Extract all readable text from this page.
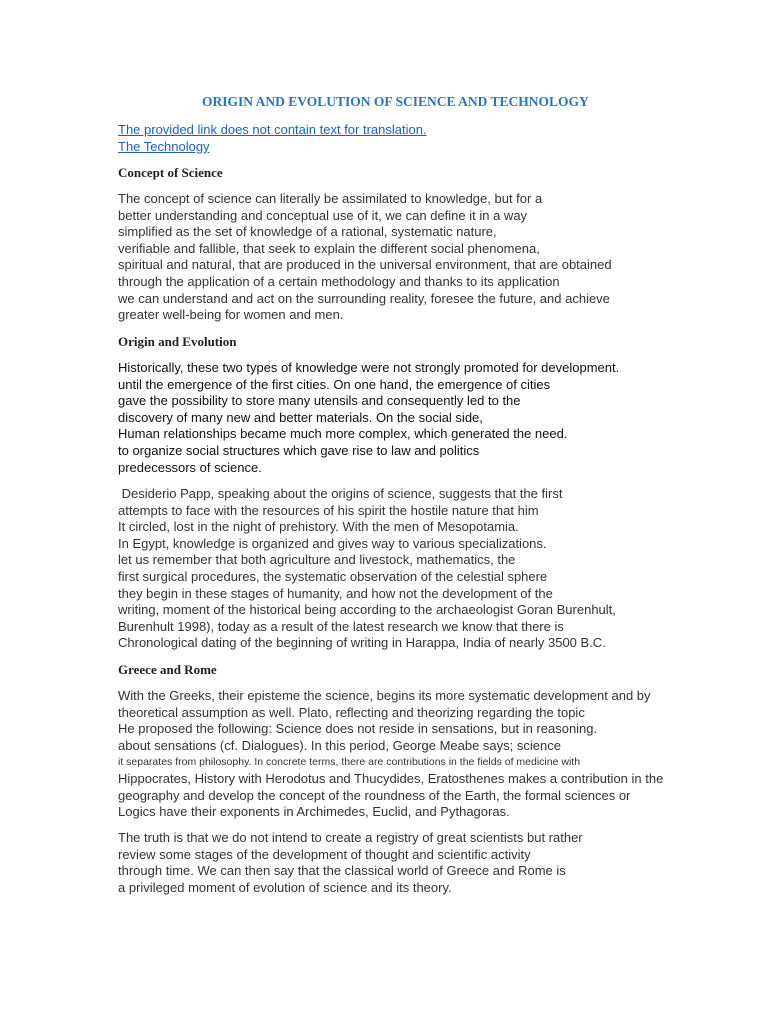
ORIGIN AND EVOLUTION OF SCIENCE AND TECHNOLOGY
The provided link does not contain text for translation.
The Technology
Concept of Science

The concept of science can literally be assimilated to knowledge, but for a
better understanding and conceptual use of it, we can define it in a way
simplified as the set of knowledge of a rational, systematic nature,
verifiable and fallible, that seek to explain the different social phenomena,
spiritual and natural, that are produced in the universal environment, that are obtained
through the application of a certain methodology and thanks to its application
we can understand and act on the surrounding reality, foresee the future, and achieve
greater well-being for women and men.

Origin and Evolution

Historically, these two types of knowledge were not strongly promoted for development.
until the emergence of the first cities. On one hand, the emergence of cities
gave the possibility to store many utensils and consequently led to the
discovery of many new and better materials. On the social side,
Human relationships became much more complex, which generated the need.
to organize social structures which gave rise to law and politics
predecessors of science.

Desiderio Papp, speaking about the origins of science, suggests that the first
attempts to face with the resources of his spirit the hostile nature that him
It circled, lost in the night of prehistory. With the men of Mesopotamia.
In Egypt, knowledge is organized and gives way to various specializations.
let us remember that both agriculture and livestock, mathematics, the
first surgical procedures, the systematic observation of the celestial sphere
they begin in these stages of humanity, and how not the development of the
writing, moment of the historical being according to the archaeologist Goran Burenhult,
Burenhult 1998), today as a result of the latest research we know that there is
Chronological dating of the beginning of writing in Harappa, India of nearly 3500 B.C.

Greece and Rome

With the Greeks, their episteme the science, begins its more systematic development and by
theoretical assumption as well. Plato, reflecting and theorizing regarding the topic
He proposed the following: Science does not reside in sensations, but in reasoning.
about sensations (cf. Dialogues). In this period, George Meabe says; science
it separates from philosophy. In concrete terms, there are contributions in the fields of medicine with
Hippocrates, History with Herodotus and Thucydides, Eratosthenes makes a contribution in the
geography and develop the concept of the roundness of the Earth, the formal sciences or
Logics have their exponents in Archimedes, Euclid, and Pythagoras.

The truth is that we do not intend to create a registry of great scientists but rather
review some stages of the development of thought and scientific activity
through time. We can then say that the classical world of Greece and Rome is
a privileged moment of evolution of science and its theory.
